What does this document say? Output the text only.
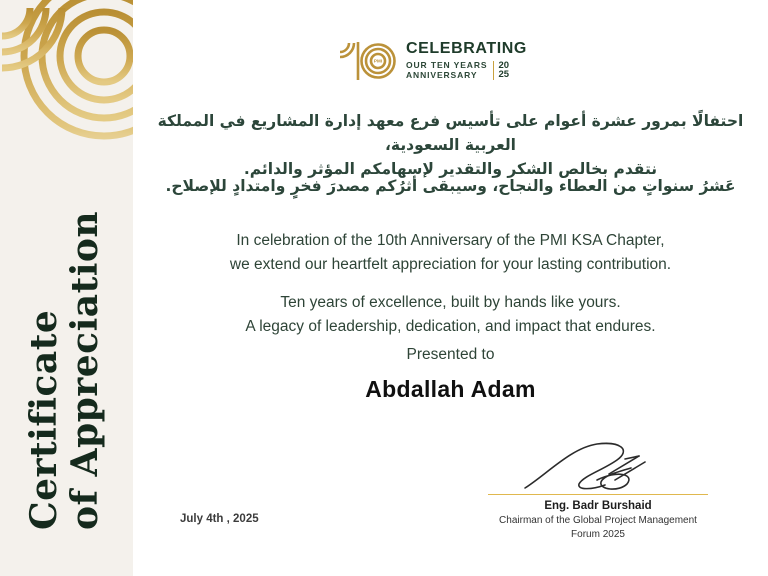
Certificate of Appreciation
PMI
CELEBRATING
OUR TEN YEARS
ANNIVERSARY
20
25
احتفالًا بمرور عشرة أعوام على تأسيس فرع معهد إدارة المشاريع في المملكة العربية السعودية،
نتقدم بخالص الشكر والتقدير لإسهامكم المؤثر والدائم.
عَشرُ سنواتٍ من العطاء والنجاح، وسيبقى أثرُكم مصدرَ فخرٍ وامتدادٍ للإصلاح.
In celebration of the 10th Anniversary of the PMI KSA Chapter,
we extend our heartfelt appreciation for your lasting contribution.
Ten years of excellence, built by hands like yours.
A legacy of leadership, dedication, and impact that endures.
Presented to
Abdallah Adam
Eng. Badr Burshaid
Chairman of the Global Project Management Forum 2025
July 4th , 2025
